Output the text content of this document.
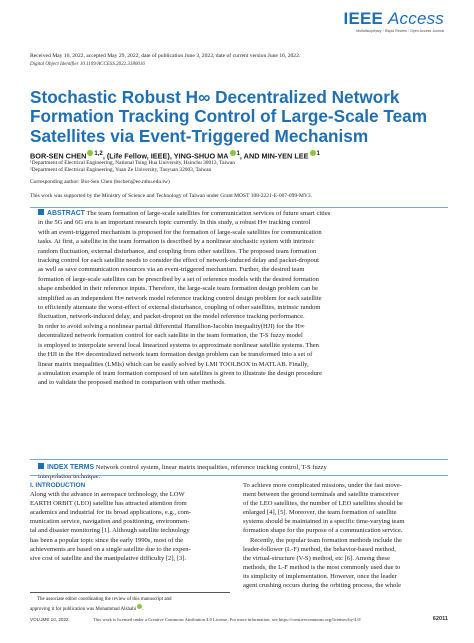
IEEE Access
Multidisciplinary ⁝ Rapid Review ⁝ Open Access Journal
Received May 16, 2022, accepted May 29, 2022, date of publication June 3, 2022, date of current version June 16, 2022.
Digital Object Identifier 10.1109/ACCESS.2022.3180016
Stochastic Robust H∞ Decentralized Network
Formation Tracking Control of Large-Scale Team
Satellites via Event-Triggered Mechanism
BOR-SEN CHEN $^{1,2}$, (Life Fellow, IEEE), YING-SHUO MA $^1$, AND MIN-YEN LEE $^1$
¹Department of Electrical Engineering, National Tsing Hua University, Hsinchu 30013, Taiwan
²Department of Electrical Engineering, Yuan Ze University, Taoyuan 32003, Taiwan
Corresponding author: Bor-Sen Chen (bschen@ee.nthu.edu.tw)
This work was supported by the Ministry of Science and Technology of Taiwan under Grant MOST 108-2221-E-007-099-MY3.
ABSTRACT The team formation of large-scale satellites for communication services of future smart cities
in the 5G and 6G era is an important research topic currently. In this study, a robust H∞ tracking control
with an event-triggered mechanism is proposed for the formation of large-scale satellites for communication
tasks. At first, a satellite in the team formation is described by a nonlinear stochastic system with intrinsic
random fluctuation, external disturbance, and coupling from other satellites. The proposed team formation
tracking control for each satellite needs to consider the effect of network-induced delay and packet-dropout
as well as save communication resources via an event-triggered mechanism. Further, the desired team
formation of large-scale satellites can be prescribed by a set of reference models with the desired formation
shape embedded in their reference inputs. Therefore, the large-scale team formation design problem can be
simplified as an independent H∞ network model reference tracking control design problem for each satellite
to efficiently attenuate the worst-effect of external disturbance, coupling of other satellites, intrinsic random
fluctuation, network-induced delay, and packet-dropout on the model reference tracking performance.
In order to avoid solving a nonlinear partial differential Hamillion-Jacobin inequality(HJI) for the H∞
decentralized network formation control for each satellite in the team formation, the T-S fuzzy model
is employed to interpolate several local linearized systems to approximate nonlinear satellite systems. Then
the HJI in the H∞ decentralized network team formation design problem can be transformed into a set of
linear matrix inequalities (LMIs) which can be easily solved by LMI TOOLBOX in MATLAB. Finally,
a simulation example of team formation composed of ten satellites is given to illustrate the design procedure
and to validate the proposed method in comparison with other methods.
INDEX TERMS Network control system, linear matrix inequalities, reference tracking control, T-S fuzzy
interpolation technique.
I. INTRODUCTION
Along with the advance in aerospace technology, the LOW
EARTH ORBIT (LEO) satellite has attracted attention from
academics and industrial for its broad applications, e.g., com-
munication service, navigation and positioning, environmen-
tal and disaster monitoring [1]. Although satellite technology
has been a popular topic since the early 1990s, most of the
achievements are based on a single satellite due to the expen-
sive cost of satellite and the manipulative difficulty [2], [3].
To achieve more complicated missions, under the fast move-
ment between the ground terminals and satellite transceiver
of the LEO satellites, the number of LEO satellites should be
enlarged [4], [5]. Moreover, the team formation of satellite
systems should be maintained in a specific time-varying team
formation shape for the purpose of a communication service.
Recently, the popular team formation methods include the
leader-follower (L-F) method, the behavior-based method,
the virtual-structure (V-S) method, etc [6]. Among these
methods, the L-F method is the most commonly used due to
its simplicity of implementation. However, once the leader
agent crushing occurs during the orbiting process, the whole
The associate editor coordinating the review of this manuscript and
approving it for publication was Mohammad Alshabi .
VOLUME 10, 2022	This work is licensed under a Creative Commons Attribution 4.0 License. For more information, see https://creativecommons.org/licenses/by/4.0/	62011
